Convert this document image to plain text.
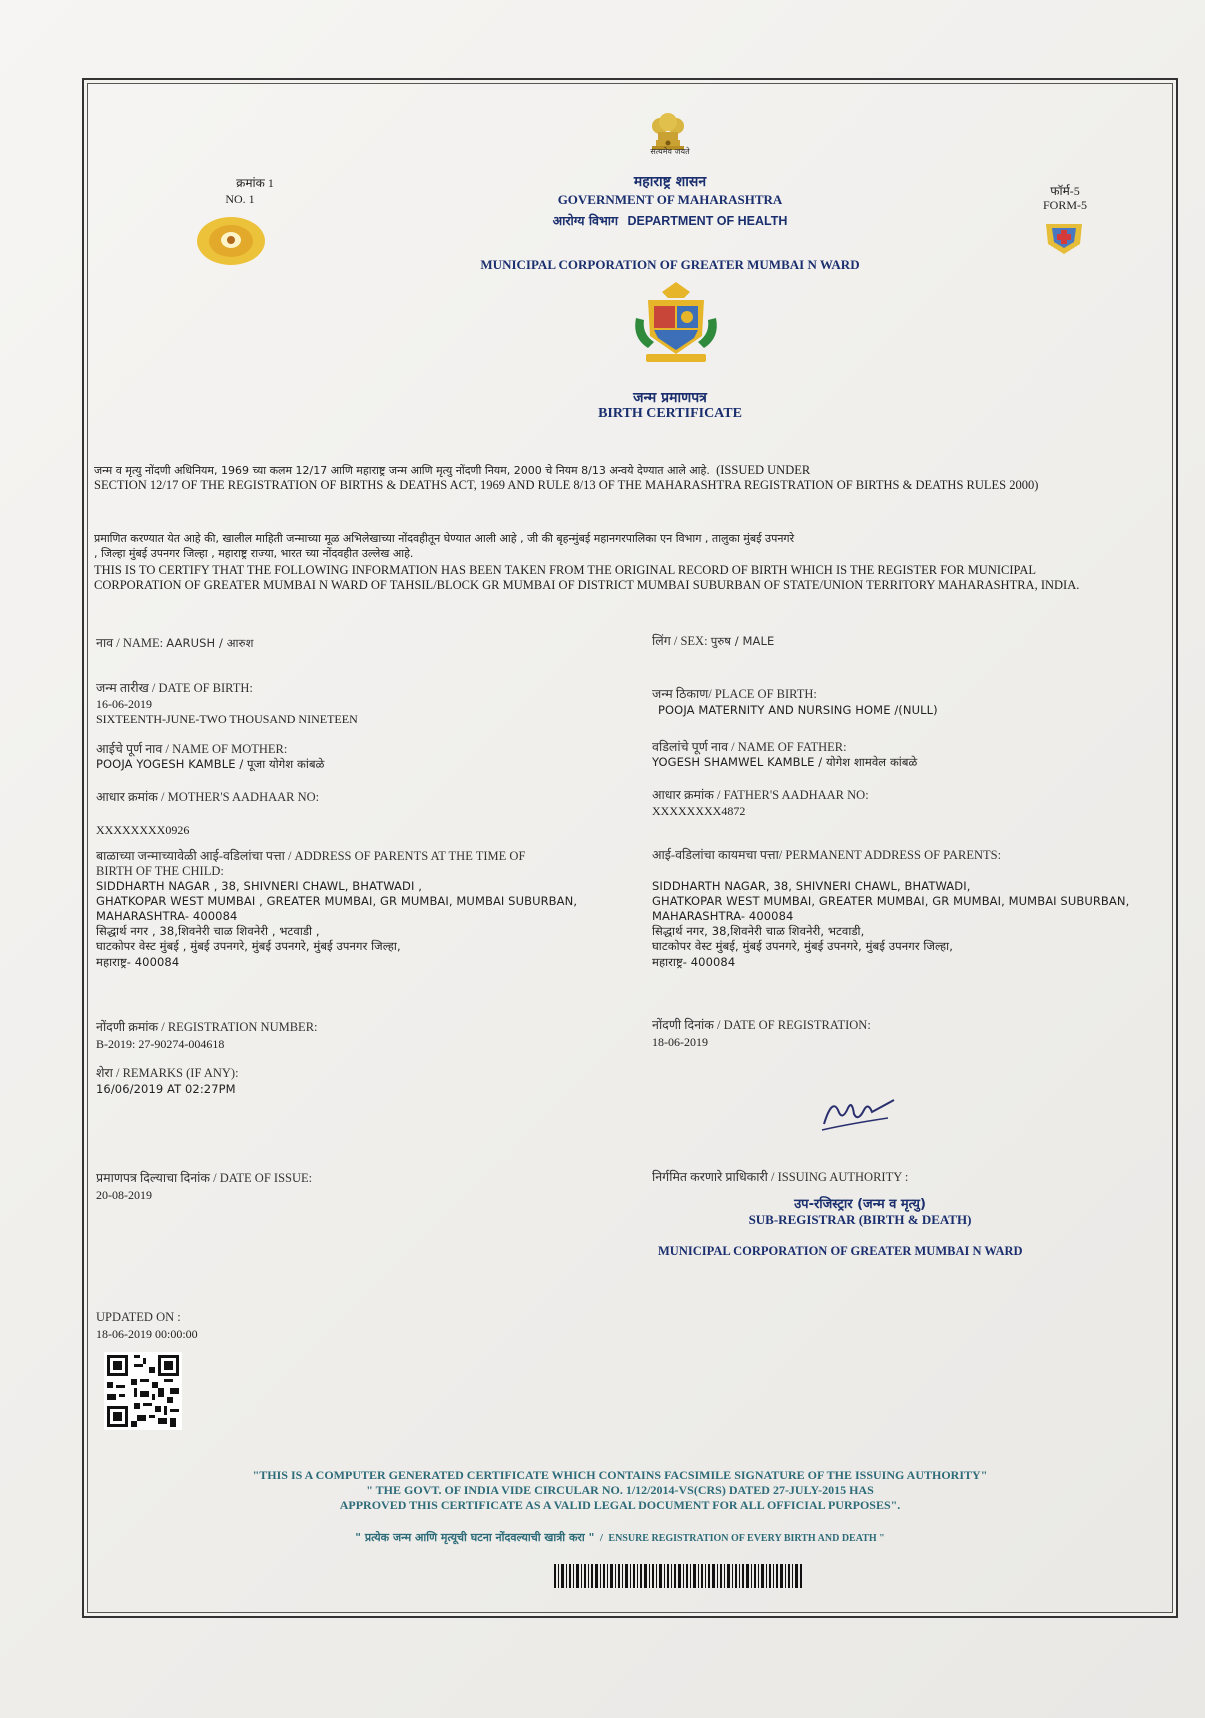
सत्यमेव जयते
क्रमांक 1
NO. 1
फॉर्म-5
FORM-5
महाराष्ट्र शासन
GOVERNMENT OF MAHARASHTRA
आरोग्य विभाग DEPARTMENT OF HEALTH
MUNICIPAL CORPORATION OF GREATER MUMBAI N WARD
जन्म प्रमाणपत्र
BIRTH CERTIFICATE
जन्म व मृत्यु नोंदणी अधिनियम, 1969 च्या कलम 12/17 आणि महाराष्ट्र जन्म आणि मृत्यु नोंदणी नियम, 2000 चे नियम 8/13 अन्वये देण्यात आले आहे. (ISSUED UNDER
SECTION 12/17 OF THE REGISTRATION OF BIRTHS & DEATHS ACT, 1969 AND RULE 8/13 OF THE MAHARASHTRA REGISTRATION OF BIRTHS & DEATHS RULES 2000)
प्रमाणित करण्यात येत आहे की, खालील माहिती जन्माच्या मूळ अभिलेखाच्या नोंदवहीतून घेण्यात आली आहे , जी की बृहन्मुंबई महानगरपालिका एन विभाग , तालुका मुंबई उपनगरे
, जिल्हा मुंबई उपनगर जिल्हा , महाराष्ट्र राज्या, भारत च्या नोंदवहीत उल्लेख आहे.
THIS IS TO CERTIFY THAT THE FOLLOWING INFORMATION HAS BEEN TAKEN FROM THE ORIGINAL RECORD OF BIRTH WHICH IS THE REGISTER FOR MUNICIPAL
CORPORATION OF GREATER MUMBAI N WARD OF TAHSIL/BLOCK GR MUMBAI OF DISTRICT MUMBAI SUBURBAN OF STATE/UNION TERRITORY MAHARASHTRA, INDIA.
नाव / NAME: AARUSH / आरुश
जन्म तारीख / DATE OF BIRTH:
16-06-2019
SIXTEENTH-JUNE-TWO THOUSAND NINETEEN
आईचे पूर्ण नाव / NAME OF MOTHER:
POOJA YOGESH KAMBLE / पूजा योगेश कांबळे
आधार क्रमांक / MOTHER'S AADHAAR NO:
XXXXXXXX0926
बाळाच्या जन्माच्यावेळी आई-वडिलांचा पत्ता / ADDRESS OF PARENTS AT THE TIME OF
BIRTH OF THE CHILD:
SIDDHARTH NAGAR , 38, SHIVNERI CHAWL, BHATWADI ,
GHATKOPAR WEST MUMBAI , GREATER MUMBAI, GR MUMBAI, MUMBAI SUBURBAN,
MAHARASHTRA- 400084
सिद्धार्थ नगर , 38,शिवनेरी चाळ शिवनेरी , भटवाडी ,
घाटकोपर वेस्ट मुंबई , मुंबई उपनगरे, मुंबई उपनगरे, मुंबई उपनगर जिल्हा,
महाराष्ट्र- 400084
नोंदणी क्रमांक / REGISTRATION NUMBER:
B-2019: 27-90274-004618
शेरा / REMARKS (IF ANY):
16/06/2019 AT 02:27PM
प्रमाणपत्र दिल्याचा दिनांक / DATE OF ISSUE:
20-08-2019
UPDATED ON :
18-06-2019 00:00:00
लिंग / SEX: पुरुष / MALE
जन्म ठिकाण/ PLACE OF BIRTH:
POOJA MATERNITY AND NURSING HOME /(NULL)
वडिलांचे पूर्ण नाव / NAME OF FATHER:
YOGESH SHAMWEL KAMBLE / योगेश शामवेल कांबळे
आधार क्रमांक / FATHER'S AADHAAR NO:
XXXXXXXX4872
आई-वडिलांचा कायमचा पत्ता/ PERMANENT ADDRESS OF PARENTS:
SIDDHARTH NAGAR, 38, SHIVNERI CHAWL, BHATWADI,
GHATKOPAR WEST MUMBAI, GREATER MUMBAI, GR MUMBAI, MUMBAI SUBURBAN,
MAHARASHTRA- 400084
सिद्धार्थ नगर, 38,शिवनेरी चाळ शिवनेरी, भटवाडी,
घाटकोपर वेस्ट मुंबई, मुंबई उपनगरे, मुंबई उपनगरे, मुंबई उपनगर जिल्हा,
महाराष्ट्र- 400084
नोंदणी दिनांक / DATE OF REGISTRATION:
18-06-2019
निर्गमित करणारे प्राधिकारी / ISSUING AUTHORITY :
उप-रजिस्ट्रार (जन्म व मृत्यु)
SUB-REGISTRAR (BIRTH & DEATH)
MUNICIPAL CORPORATION OF GREATER MUMBAI N WARD
"THIS IS A COMPUTER GENERATED CERTIFICATE WHICH CONTAINS FACSIMILE SIGNATURE OF THE ISSUING AUTHORITY"
" THE GOVT. OF INDIA VIDE CIRCULAR NO. 1/12/2014-VS(CRS) DATED 27-JULY-2015 HAS
APPROVED THIS CERTIFICATE AS A VALID LEGAL DOCUMENT FOR ALL OFFICIAL PURPOSES".
" प्रत्येक जन्म आणि मृत्यूची घटना नोंदवल्याची खात्री करा " / ENSURE REGISTRATION OF EVERY BIRTH AND DEATH "
